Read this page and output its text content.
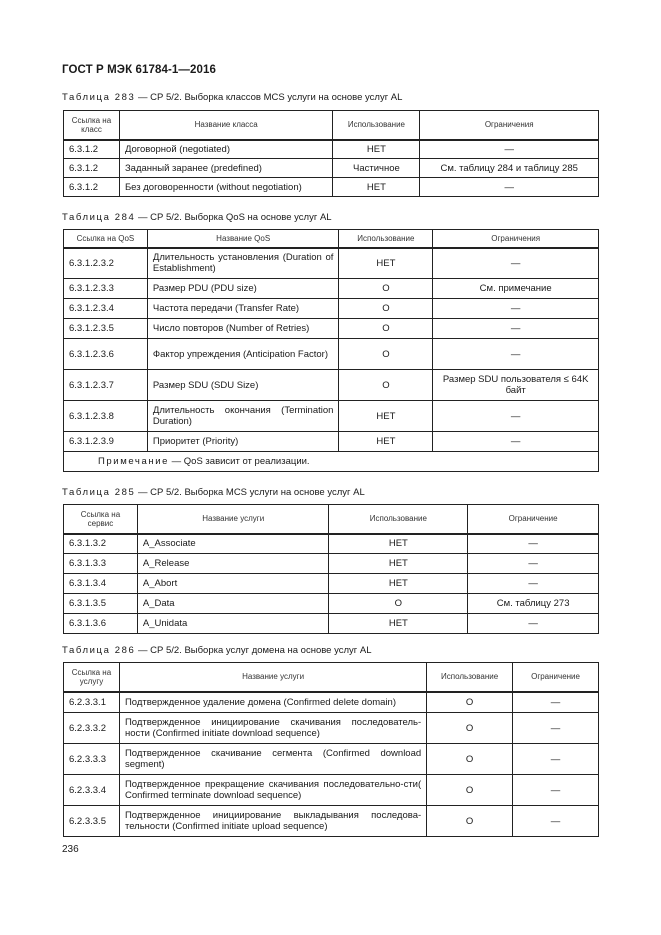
ГОСТ Р МЭК 61784-1—2016
Таблица 283 — СР 5/2. Выборка классов MCS услуги на основе услуг AL
Ссылка на класс	Название класса	Использование	Ограничения
6.3.1.2	Договорной (negotiated)	НЕТ	—
6.3.1.2	Заданный заранее (predefined)	Частичное	См. таблицу 284 и таблицу 285
6.3.1.2	Без договоренности (without negotiation)	НЕТ	—
Таблица 284 — СР 5/2. Выборка QoS на основе услуг AL
Ссылка на QoS	Название QoS	Использование	Ограничения
6.3.1.2.3.2	Длительность установления (Duration of Establishment)	НЕТ	—
6.3.1.2.3.3	Размер PDU (PDU size)	О	См. примечание
6.3.1.2.3.4	Частота передачи (Transfer Rate)	О	—
6.3.1.2.3.5	Число повторов (Number of Retries)	О	—
6.3.1.2.3.6	Фактор упреждения (Anticipation Factor)	О	—
6.3.1.2.3.7	Размер SDU (SDU Size)	О	Размер SDU пользователя ≤ 64K байт
6.3.1.2.3.8	Длительность окончания (Termination Duration)	НЕТ	—
6.3.1.2.3.9	Приоритет (Priority)	НЕТ	—
Примечание — QoS зависит от реализации.			
Таблица 285 — СР 5/2. Выборка MCS услуги на основе услуг AL
Ссылка на сервис	Название услуги	Использование	Ограничение
6.3.1.3.2	A_Associate	НЕТ	—
6.3.1.3.3	A_Release	НЕТ	—
6.3.1.3.4	A_Abort	НЕТ	—
6.3.1.3.5	A_Data	О	См. таблицу 273
6.3.1.3.6	A_Unidata	НЕТ	—
Таблица 286 — СР 5/2. Выборка услуг домена на основе услуг AL
Ссылка на услугу	Название услуги	Использование	Ограничение
6.2.3.3.1	Подтвержденное удаление домена (Confirmed delete domain)	О	—
6.2.3.3.2	Подтвержденное инициирование скачивания последователь-ности (Confirmed initiate download sequence)	О	—
6.2.3.3.3	Подтвержденное скачивание сегмента (Confirmed download segment)	О	—
6.2.3.3.4	Подтвержденное прекращение скачивания последовательно-сти( Confirmed terminate download sequence)	О	—
6.2.3.3.5	Подтвержденное инициирование выкладывания последова-тельности (Confirmed initiate upload sequence)	О	—
236
